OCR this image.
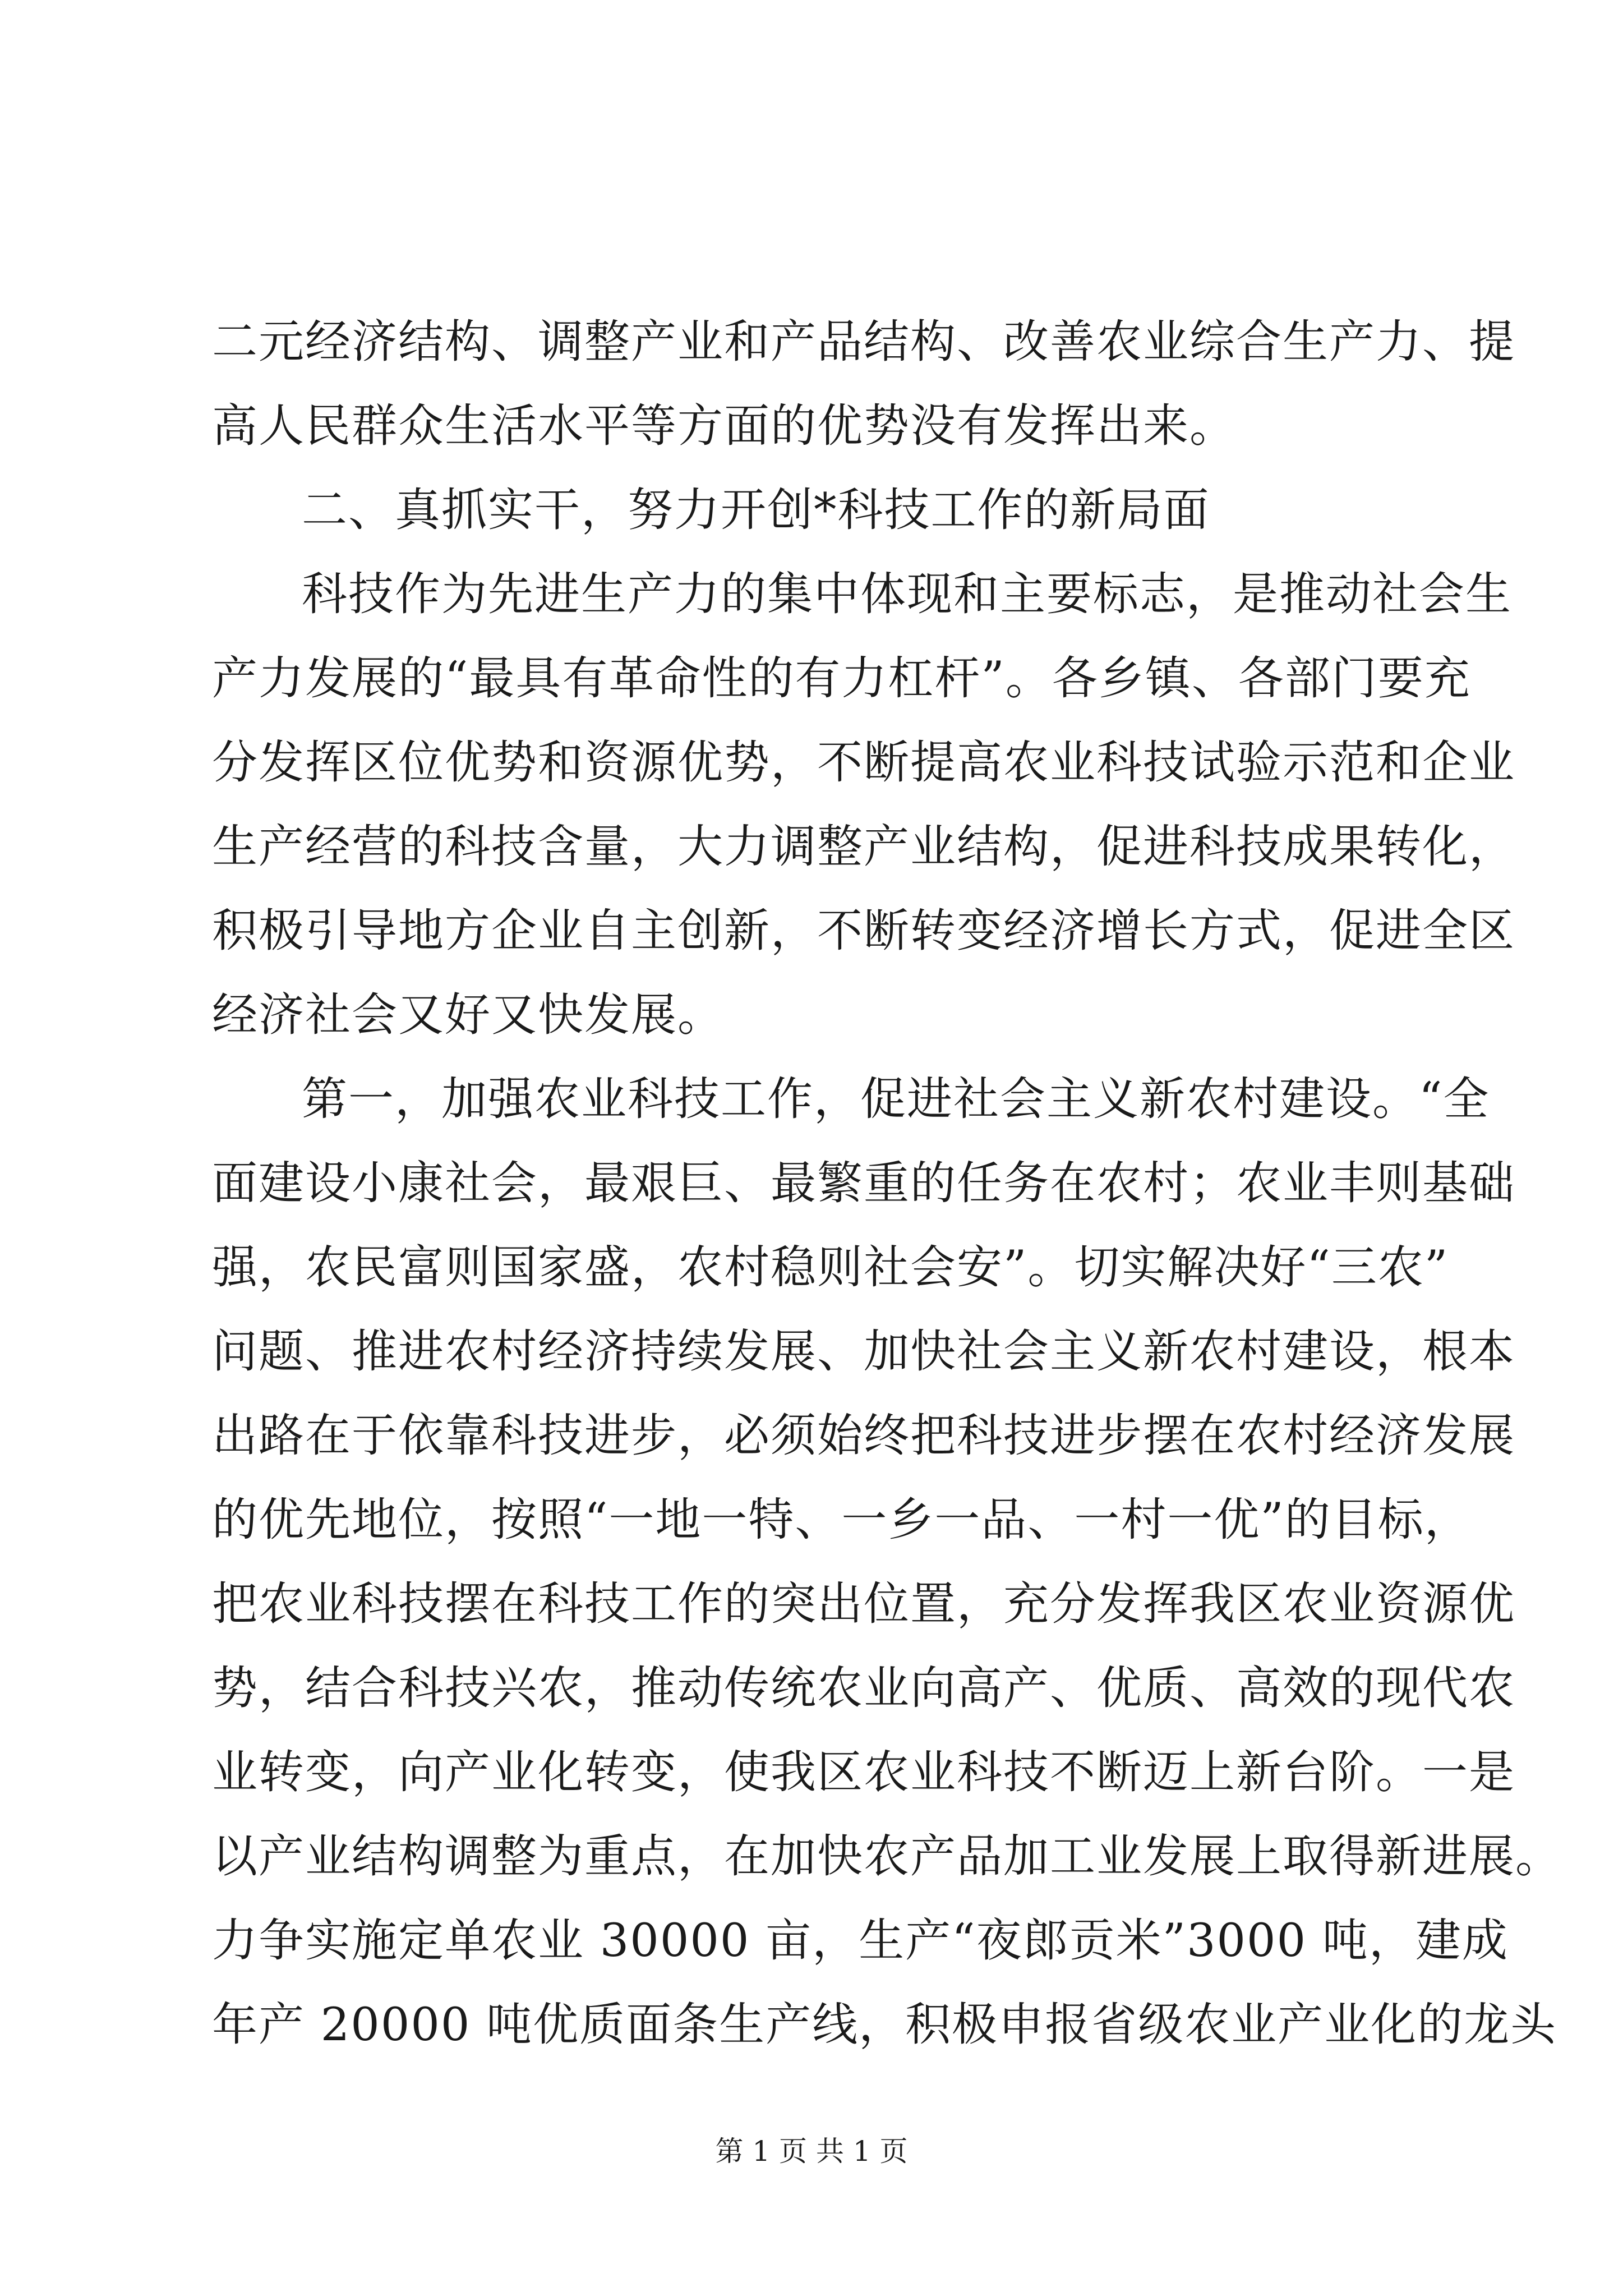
二元经济结构、调整产业和产品结构、改善农业综合生产力、提
高人民群众生活水平等方面的优势没有发挥出来。
二、真抓实干，努力开创*科技工作的新局面
科技作为先进生产力的集中体现和主要标志，是推动社会生
产力发展的“最具有革命性的有力杠杆”。各乡镇、各部门要充
分发挥区位优势和资源优势，不断提高农业科技试验示范和企业
生产经营的科技含量，大力调整产业结构，促进科技成果转化，
积极引导地方企业自主创新，不断转变经济增长方式，促进全区
经济社会又好又快发展。
第一，加强农业科技工作，促进社会主义新农村建设。“全
面建设小康社会，最艰巨、最繁重的任务在农村；农业丰则基础
强，农民富则国家盛，农村稳则社会安”。切实解决好“三农”
问题、推进农村经济持续发展、加快社会主义新农村建设，根本
出路在于依靠科技进步，必须始终把科技进步摆在农村经济发展
的优先地位，按照“一地一特、一乡一品、一村一优”的目标，
把农业科技摆在科技工作的突出位置，充分发挥我区农业资源优
势，结合科技兴农，推动传统农业向高产、优质、高效的现代农
业转变，向产业化转变，使我区农业科技不断迈上新台阶。一是
以产业结构调整为重点，在加快农产品加工业发展上取得新进展。
力争实施定单农业 30000 亩，生产“夜郎贡米”3000 吨，建成
年产 20000 吨优质面条生产线，积极申报省级农业产业化的龙头
第 1 页 共 1 页
